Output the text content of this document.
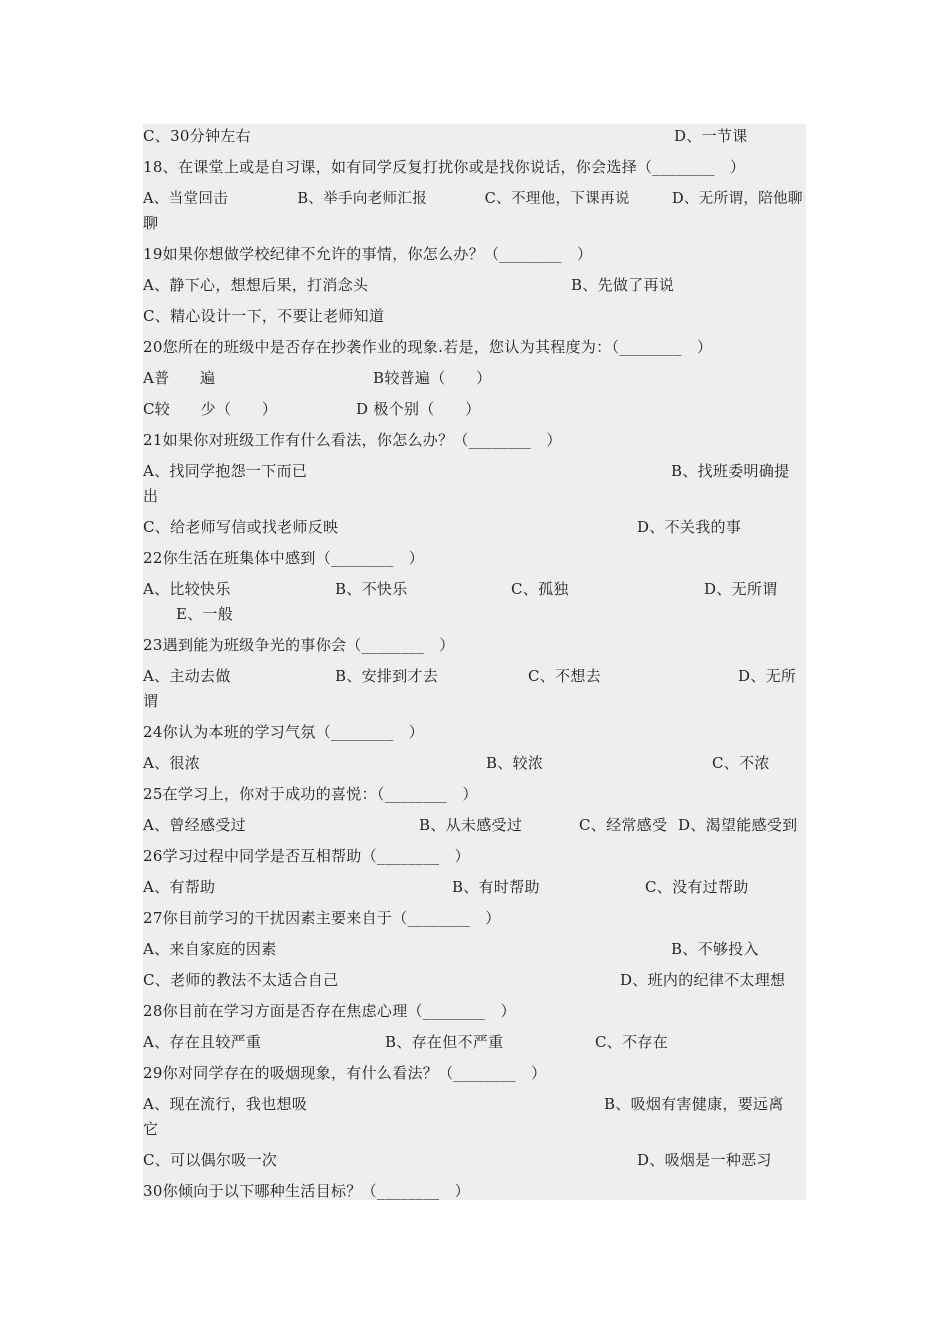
C、30分钟左右	D、一节课
18、在课堂上或是自习课，如有同学反复打扰你或是找你说话，你会选择（________　）
A、当堂回击	B、举手向老师汇报	C、不理他，下课再说	D、无所谓，陪他聊
聊
19如果你想做学校纪律不允许的事情，你怎么办？（________　）
A、静下心，想想后果，打消念头	B、先做了再说
C、精心设计一下，不要让老师知道
20您所在的班级中是否存在抄袭作业的现象.若是，您认为其程度为：（________　）
A普　　遍	B较普遍（　　）
C较　　少（　　）	D 极个别（　　）
21如果你对班级工作有什么看法，你怎么办？（________　）
A、找同学抱怨一下而已	B、找班委明确提
出
C、给老师写信或找老师反映	D、不关我的事
22你生活在班集体中感到（________　）
A、比较快乐	B、不快乐	C、孤独	D、无所谓
E、一般
23遇到能为班级争光的事你会（________　）
A、主动去做	B、安排到才去	C、不想去	D、无所
谓
24你认为本班的学习气氛（________　）
A、很浓	B、较浓	C、不浓
25在学习上，你对于成功的喜悦：（________　）
A、曾经感受过	B、从未感受过	C、经常感受 D、渴望能感受到
26学习过程中同学是否互相帮助（________　）
A、有帮助	B、有时帮助	C、没有过帮助
27你目前学习的干扰因素主要来自于（________　）
A、来自家庭的因素	B、不够投入
C、老师的教法不太适合自己	D、班内的纪律不太理想
28你目前在学习方面是否存在焦虑心理（________　）
A、存在且较严重	B、存在但不严重	C、不存在
29你对同学存在的吸烟现象，有什么看法？（________　）
A、现在流行，我也想吸	B、吸烟有害健康，要远离
它
C、可以偶尔吸一次	D、吸烟是一种恶习
30你倾向于以下哪种生活目标？（________　）
